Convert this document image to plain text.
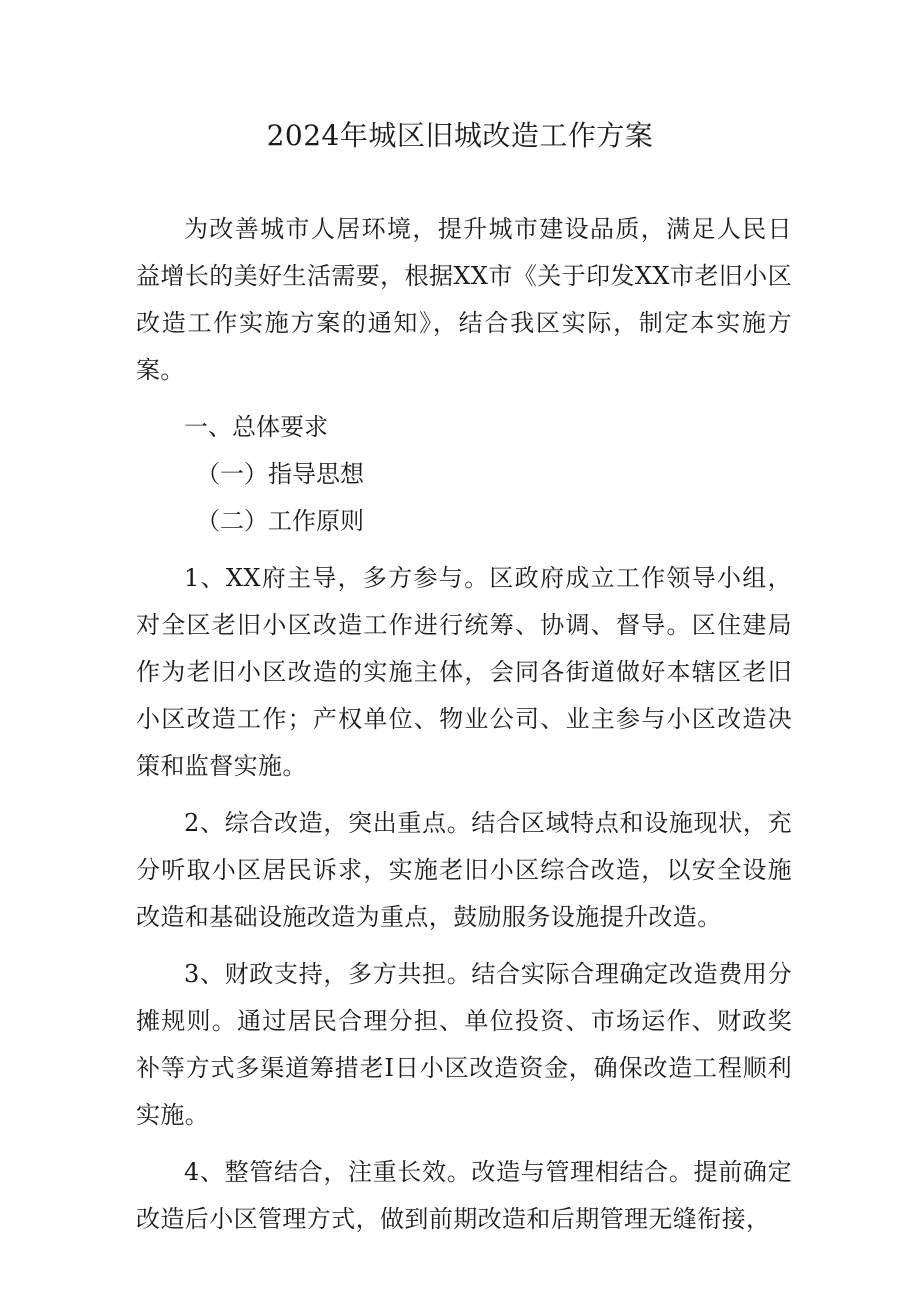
2024年城区旧城改造工作方案

为改善城市人居环境，提升城市建设品质，满足人民日益增长的美好生活需要，根据XX市《关于印发XX市老旧小区改造工作实施方案的通知》，结合我区实际，制定本实施方案。

一、总体要求

（一）指导思想

（二）工作原则

1、XX府主导，多方参与。区政府成立工作领导小组，对全区老旧小区改造工作进行统筹、协调、督导。区住建局作为老旧小区改造的实施主体，会同各街道做好本辖区老旧小区改造工作；产权单位、物业公司、业主参与小区改造决策和监督实施。

2、综合改造，突出重点。结合区域特点和设施现状，充分听取小区居民诉求，实施老旧小区综合改造，以安全设施改造和基础设施改造为重点，鼓励服务设施提升改造。

3、财政支持，多方共担。结合实际合理确定改造费用分摊规则。通过居民合理分担、单位投资、市场运作、财政奖补等方式多渠道筹措老I日小区改造资金，确保改造工程顺利实施。

4、整管结合，注重长效。改造与管理相结合。提前确定改造后小区管理方式，做到前期改造和后期管理无缝衔接，
